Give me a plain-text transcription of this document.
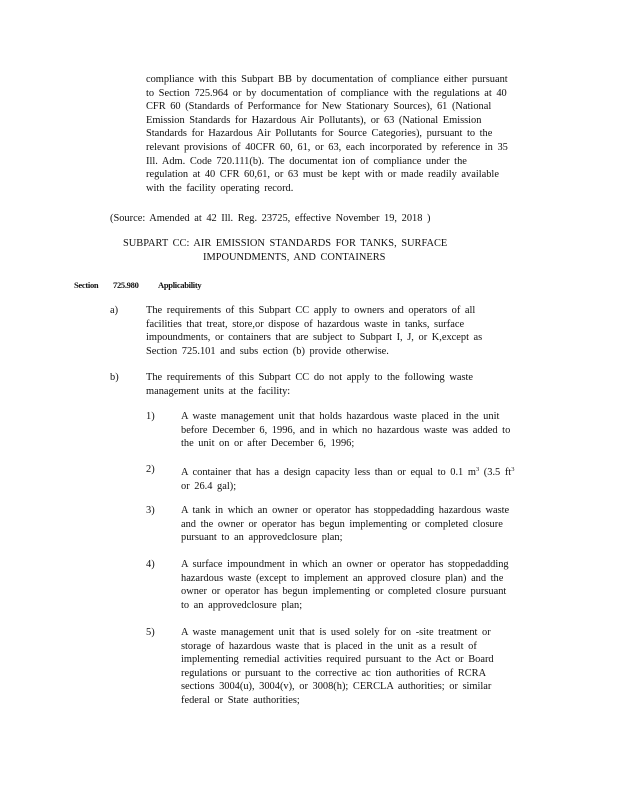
compliance with this Subpart BB by documentation of compliance either pursuant
to Section 725.964 or by documentation of compliance with the regulations at 40
CFR 60 (Standards of Performance for New Stationary Sources), 61 (National
Emission Standards for Hazardous Air Pollutants), or 63 (National Emission
Standards for Hazardous Air Pollutants for Source Categories), pursuant to the
relevant provisions of 40CFR 60, 61, or 63, each incorporated by reference in 35
Ill. Adm. Code 720.111(b). The documentat ion of compliance under the
regulation at 40 CFR 60,61, or 63 must be kept with or made readily available
with the facility operating record.
(Source: Amended at 42 Ill. Reg. 23725, effective November 19, 2018 )
SUBPART CC: AIR EMISSION STANDARDS FOR TANKS, SURFACE
IMPOUNDMENTS, AND CONTAINERS
Section 725.980 Applicability
a)	The requirements of this Subpart CC apply to owners and operators of all
facilities that treat, store,or dispose of hazardous waste in tanks, surface
impoundments, or containers that are subject to Subpart I, J, or K,except as
Section 725.101 and subs ection (b) provide otherwise.
b)	The requirements of this Subpart CC do not apply to the following waste
management units at the facility:
1)	A waste management unit that holds hazardous waste placed in the unit
before December 6, 1996, and in which no hazardous waste was added to
the unit on or after December 6, 1996;
2)	A container that has a design capacity less than or equal to 0.1 $m^3$ (3.5 $ft^3$
or 26.4 gal);
3)	A tank in which an owner or operator has stoppedadding hazardous waste
and the owner or operator has begun implementing or completed closure
pursuant to an approvedclosure plan;
4)	A surface impoundment in which an owner or operator has stoppedadding
hazardous waste (except to implement an approved closure plan) and the
owner or operator has begun implementing or completed closure pursuant
to an approvedclosure plan;
5)	A waste management unit that is used solely for on -site treatment or
storage of hazardous waste that is placed in the unit as a result of
implementing remedial activities required pursuant to the Act or Board
regulations or pursuant to the corrective ac tion authorities of RCRA
sections 3004(u), 3004(v), or 3008(h); CERCLA authorities; or similar
federal or State authorities;
